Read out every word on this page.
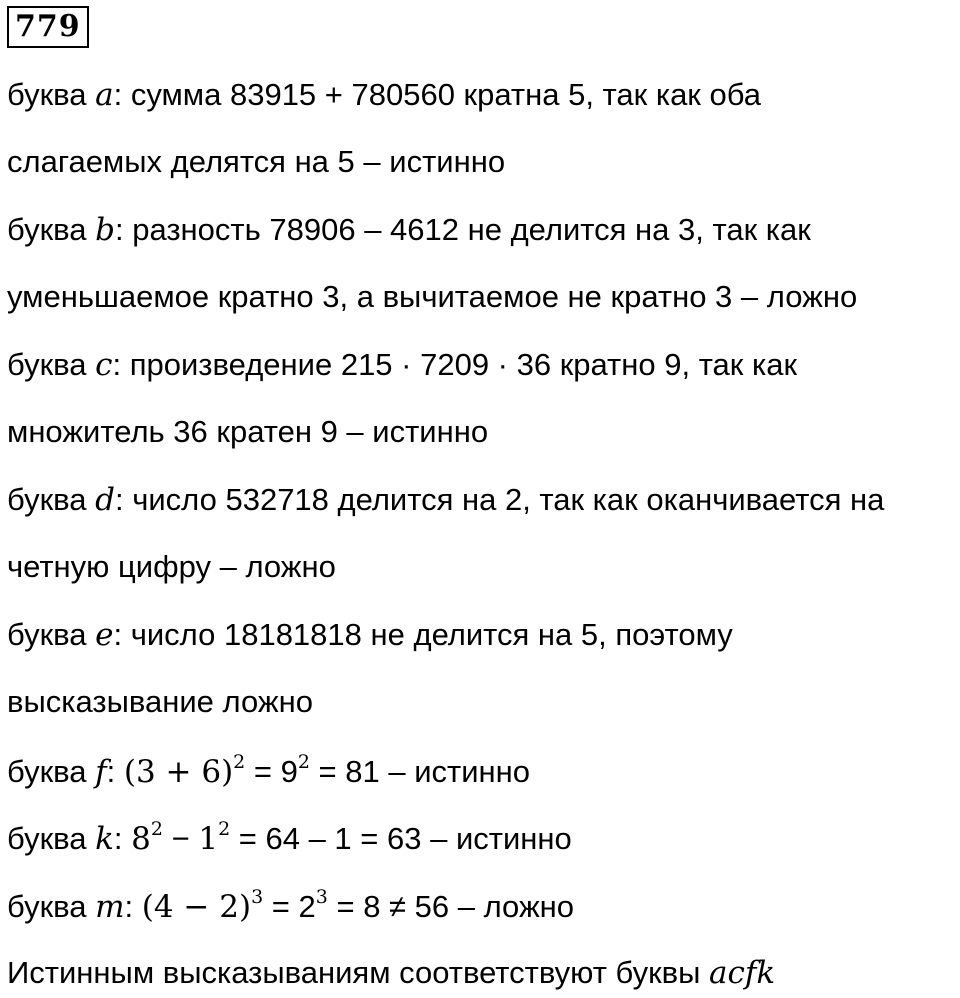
779
буква a: сумма 83915 + 780560 кратна 5, так как оба
слагаемых делятся на 5 – истинно
буква b: разность 78906 – 4612 не делится на 3, так как
уменьшаемое кратно 3, а вычитаемое не кратно 3 – ложно
буква c: произведение 215 · 7209 · 36 кратно 9, так как
множитель 36 кратен 9 – истинно
буква d: число 532718 делится на 2, так как оканчивается на
четную цифру – ложно
буква e: число 18181818 не делится на 5, поэтому
высказывание ложно
буква f: $(3 + 6)^2 = 9^2 = 81$ – истинно
буква k: $8^2 - 1^2 = 64 - 1 = 63$ – истинно
буква m: $(4 - 2)^3 = 2^3 = 8 \ne 56$ – ложно
Истинным высказываниям соответствуют буквы acfk
